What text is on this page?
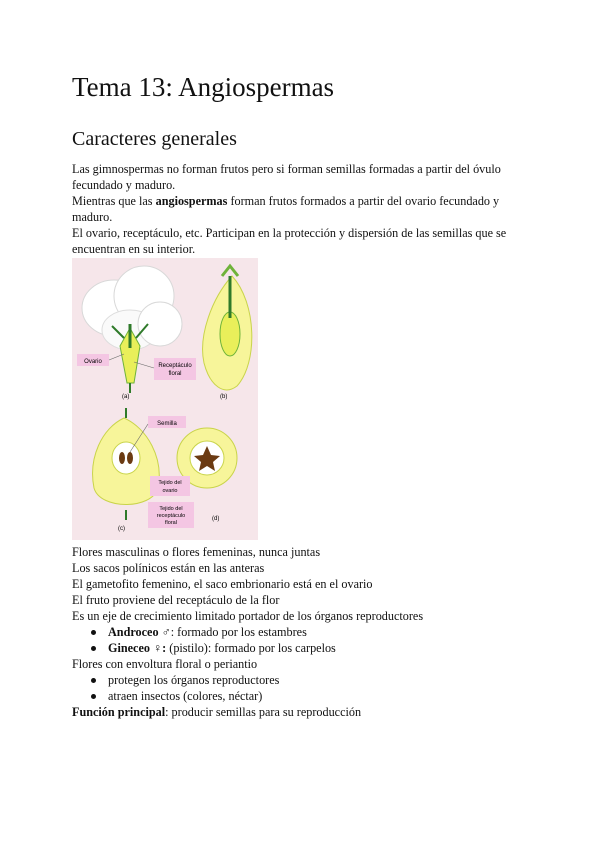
Tema 13: Angiospermas
Caracteres generales

Las gimnospermas no forman frutos pero si forman semillas formadas a partir del óvulo fecundado y maduro.

Mientras que las angiospermas forman frutos formados a partir del ovario fecundado y maduro.

El ovario, receptáculo, etc. Participan en la protección y dispersión de las semillas que se encuentran en su interior.

Ovario
Receptáculo
floral
(a)	(b)
(c)
(d)
Semilla
Tejido del
ovario
Tejido del
receptáculo
floral

Flores masculinas o flores femeninas, nunca juntas

Los sacos polínicos están en las anteras

El gametofito femenino, el saco embrionario está en el ovario

El fruto proviene del receptáculo de la flor

Es un eje de crecimiento limitado portador de los órganos reproductores

Androceo ♂: formado por los estambres
Gineceo ♀: (pistilo): formado por los carpelos

Flores con envoltura floral o periantio

protegen los órganos reproductores
atraen insectos (colores, néctar)

Función principal: producir semillas para su reproducción
